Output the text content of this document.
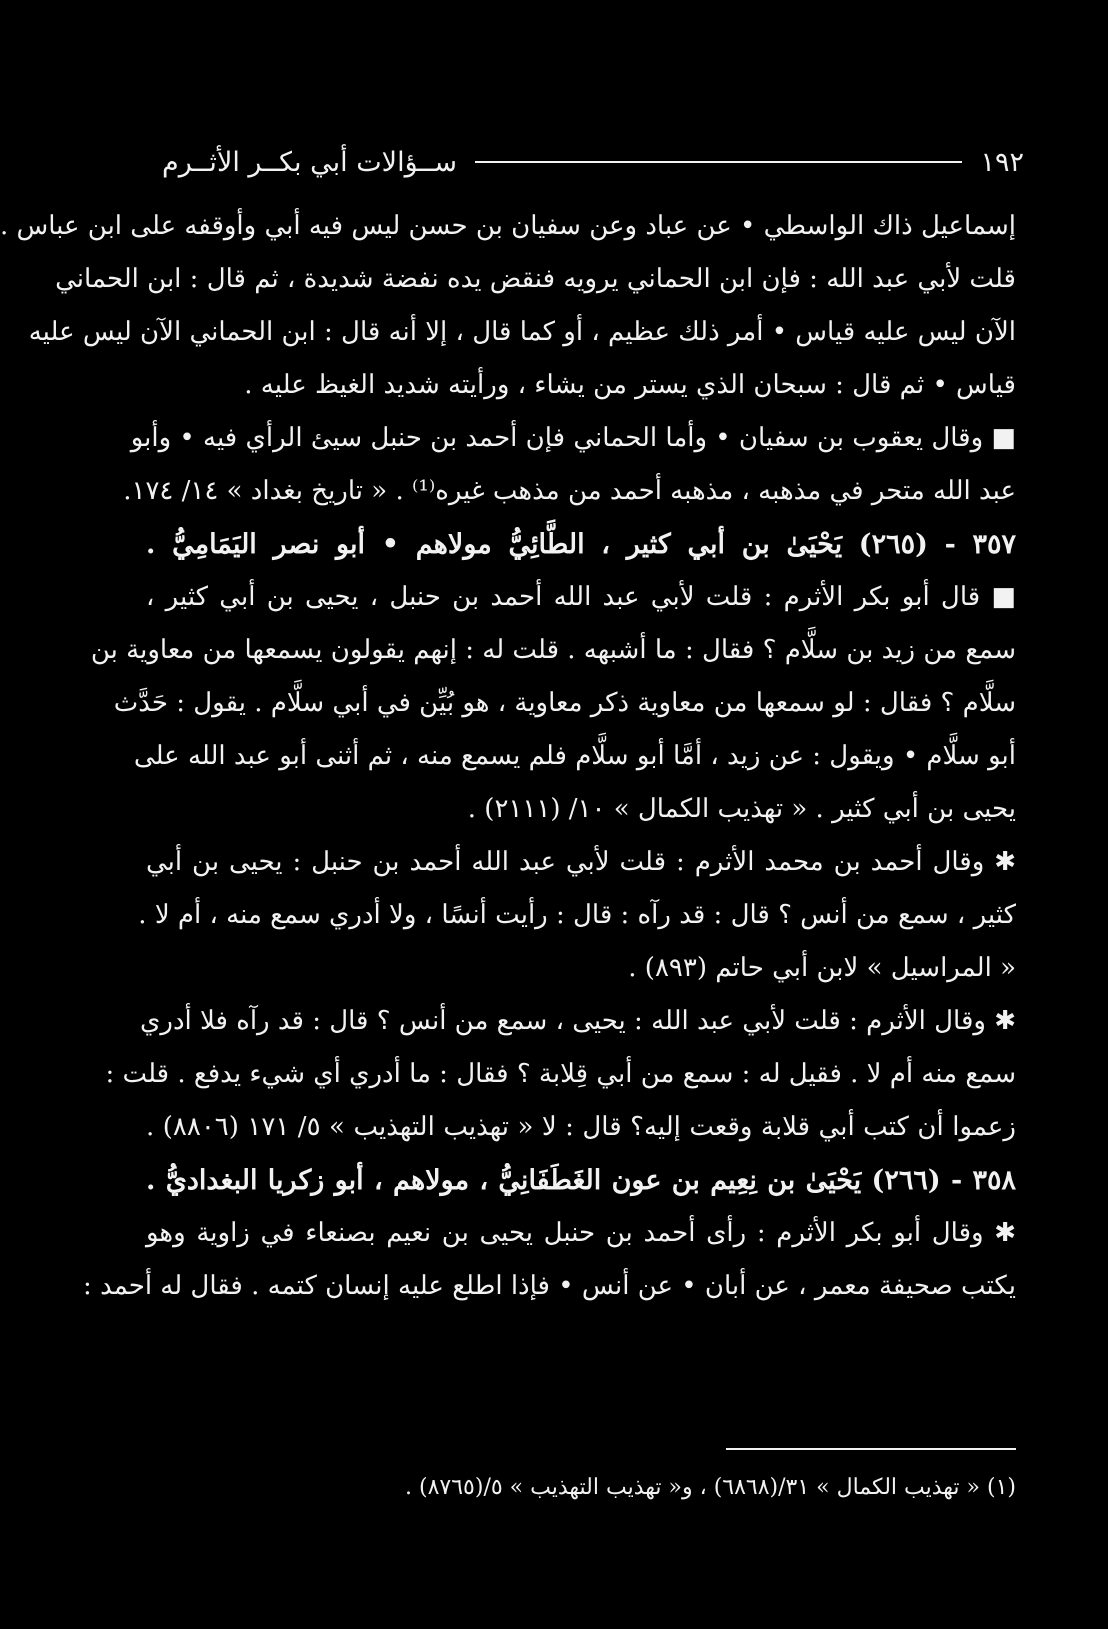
١٩٢
ســؤالات أبي بكــر الأثــرم
إسماعيل ذاك الواسطي ‫•‬ عن عباد وعن سفيان بن حسن ليس فيه أبي وأوقفه على ابن عباس .
قلت لأبي عبد الله : فإن ابن الحماني يرويه فنقض يده نفضة شديدة ، ثم قال : ابن الحماني
الآن ليس عليه قياس ‫•‬ أمر ذلك عظيم ، أو كما قال ، إلا أنه قال : ابن الحماني الآن ليس عليه
قياس ‫•‬ ثم قال : سبحان الذي يستر من يشاء ، ورأيته شديد الغيظ عليه .
■ وقال يعقوب بن سفيان ‫•‬ وأما الحماني فإن أحمد بن حنبل سيئ الرأي فيه ‫•‬ وأبو
عبد الله متحر في مذهبه ، مذهبه أحمد من مذهب غيره⁽¹⁾ . « تاريخ بغداد » ١٤/ ١٧٤.
٣٥٧ - (٢٦٥) يَحْيَىٰ بن أبي كثير ، الطَّائِيُّ مولاهم ‫•‬ أبو نصر اليَمَامِيُّ .
■ قال أبو بكر الأثرم : قلت لأبي عبد الله أحمد بن حنبل ، يحيى بن أبي كثير ،
سمع من زيد بن سلَّام ؟ فقال : ما أشبهه . قلت له : إنهم يقولون يسمعها من معاوية بن
سلَّام ؟ فقال : لو سمعها من معاوية ذكر معاوية ، هو بُيِّن في أبي سلَّام . يقول : حَدَّث
أبو سلَّام ‫•‬ ويقول : عن زيد ، أمَّا أبو سلَّام فلم يسمع منه ، ثم أثنى أبو عبد الله على
يحيى بن أبي كثير . « تهذيب الكمال » ١٠/ (٢١١١) .
✱ وقال أحمد بن محمد الأثرم : قلت لأبي عبد الله أحمد بن حنبل : يحيى بن أبي
كثير ، سمع من أنس ؟ قال : قد رآه : قال : رأيت أنسًا ، ولا أدري سمع منه ، أم لا .
« المراسيل » لابن أبي حاتم (٨٩٣) .
✱ وقال الأثرم : قلت لأبي عبد الله : يحيى ، سمع من أنس ؟ قال : قد رآه فلا أدري
سمع منه أم لا . فقيل له : سمع من أبي قِلابة ؟ فقال : ما أدري أي شيء يدفع . قلت :
زعموا أن كتب أبي قلابة وقعت إليه؟ قال : لا « تهذيب التهذيب » ٥/ ١٧١ (٨٨٠٦) .
٣٥٨ - (٢٦٦) يَحْيَىٰ بن نِعِيم بن عون الغَطَفَانِيُّ ، مولاهم ، أبو زكريا البغداديُّ .
✱ وقال أبو بكر الأثرم : رأى أحمد بن حنبل يحيى بن نعيم بصنعاء في زاوية وهو
يكتب صحيفة معمر ، عن أبان ‫•‬ عن أنس ‫•‬ فإذا اطلع عليه إنسان كتمه . فقال له أحمد :
(١) « تهذيب الكمال » ٣١/(٦٨٦٨) ، و« تهذيب التهذيب » ٥/(٨٧٦٥) .
